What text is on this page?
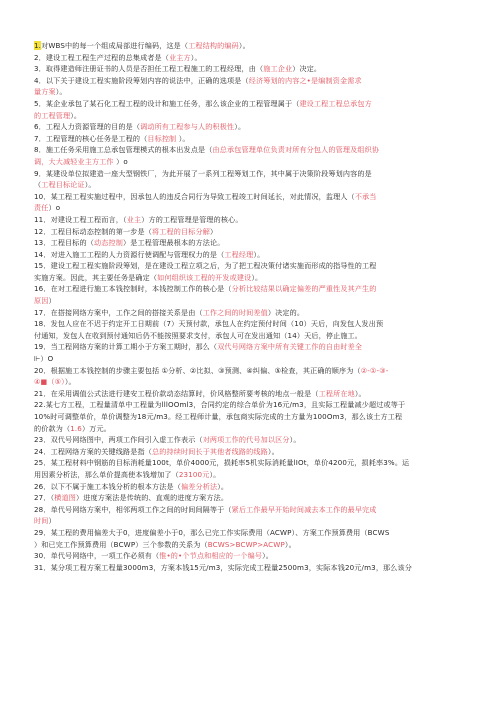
1.对WBS中的每一个组成局部进行编码，这是（工程结构的编码）。
2．建设工程工程生产过程的总集成者是（业主方）。
3．取得建造师注册证书的人员是否担任工程工程施工的工程经理，由（施工企业）决定。
4．以下关于建设工程实施阶段筹划内容的说法中，正确的选项是（经济筹划的内容之•是编制资金需求
量方案）。
5．某企业承包了某石化工程工程的设计和施工任务，那么该企业的工程管理属于（建设工程工程总承包方
的工程管理）。
6．工程人力资源管理的目的是（调动所有工程参与人的积极性）。
7．工程管理的核心任务是工程的（目标控制 ）。
8．施工任务采用施工总承包管理模式的根本出发点是（由总承包管理单位负责对所有分包人的管理及组织协
调，大大减轻业主方工作 ）o
9．某建设单位拟建造一座大型钢铁厂，为此开展了一系列工程筹划工作，其中属于决策阶段筹划内容的是
（工程目标论证）。
10．某工程工程实施过程中，因承包人的违反合同行为导致工程竣工时间延长，对此情况，监理人（不承当
责任）o
11．对建设工程工程而言，（业主）方的工程管理是管理的核心。
12．工程目标动态控制的第一步是（将工程的目标分解）
13．工程目标的（动态控制）是工程管理最根本的方法论。
14．对进入施工工程的人力资源行使调配与管理权力的是（工程经理）。
15．建设工程工程实施阶段筹划，是在建设工程立项之后，为了把工程决策付诸实施而形成的指导性的工程
实施方案。因此，其主要任务是确定（如何组织该工程的开发或建设）。
16．在对工程进行施工本钱控制时，本钱控制工作的核心是（分析比较结果以确定偏差的严重性及其产生的
原因）
17．在搭接网络方案中，工作之间的搭接关系是由（工作之间的时间差值）决定的。
18．发包人应在不迟于约定开工日期前（7）天预付款，承包人在约定预付时间（10）天后，向发包人发出预
付通知，发包人在收到预付通知后仍不能按照要求支付，承包人可在发出通知（14）天后，停止施工。
19．当工程网络方案的计算工期小于方案工期时，那么（双代号网络方案中所有关键工作的自由时差全
⊩）O
20．根据施工本钱控制的步骤主要包括 ①分析、②比拟、③预测、④纠偏、⑤检查，其正确的顺序为（②-①-③-
④■（⑤））。
21．在采用调值公式法进行建安工程价款动态结算时，价风格整所要考核的地点一般是（工程所在地）。
22.某七方工程，工程量清单中工程量为lllOOml3，合同约定的综合单价为16元/m3，且实际工程量减少超过或等于
10%时可调整单价，单价调整为18元/m3。经工程师计量，承包商实际完成的土方量为100Om3，那么该土方工程
的价款为（1.6）万元。
23．双代号网络图中，两项工作间引入虚工作表示（对两项工作的代号加以区分）。
24．工程网络方案的关键线路是指（总的持续时间长于其他者线路的线路）。
25．某工程材料中钢筋的目标消耗量100t，单价4000元，损耗率5机实际消耗量lIOt，单价4200元，损耗率3%。运
用因素分析法，那么单价提高使本钱增加了（23100元）。
26．以下不属于施工本钱分析的根本方法是（偏差分析法）。
27．（横道图）进度方案法是传统的、直观的进度方案方法。
28．单代号网络方案中，相邻两项工作之间的时间间隔等于（紧后工作最早开始时间减去本工作的最早完成
时间）
29．某工程的费用偏差大于0，进度偏差小于0，那么已完工作实际费用（ACWP）、方案工作预算费用（BCWS
）和已完工作预算费用（BCWP）三个参数的关系为（BCWS>BCWP>ACWP）。
30．单代号网络中，一项工作必须有（惟•的•个节点和相应的一个编号）。
31．某分项工程方案工程量3000m3，方案本钱15元/m3，实际完成工程量2500m3，实际本钱20元/m3，那么该分
